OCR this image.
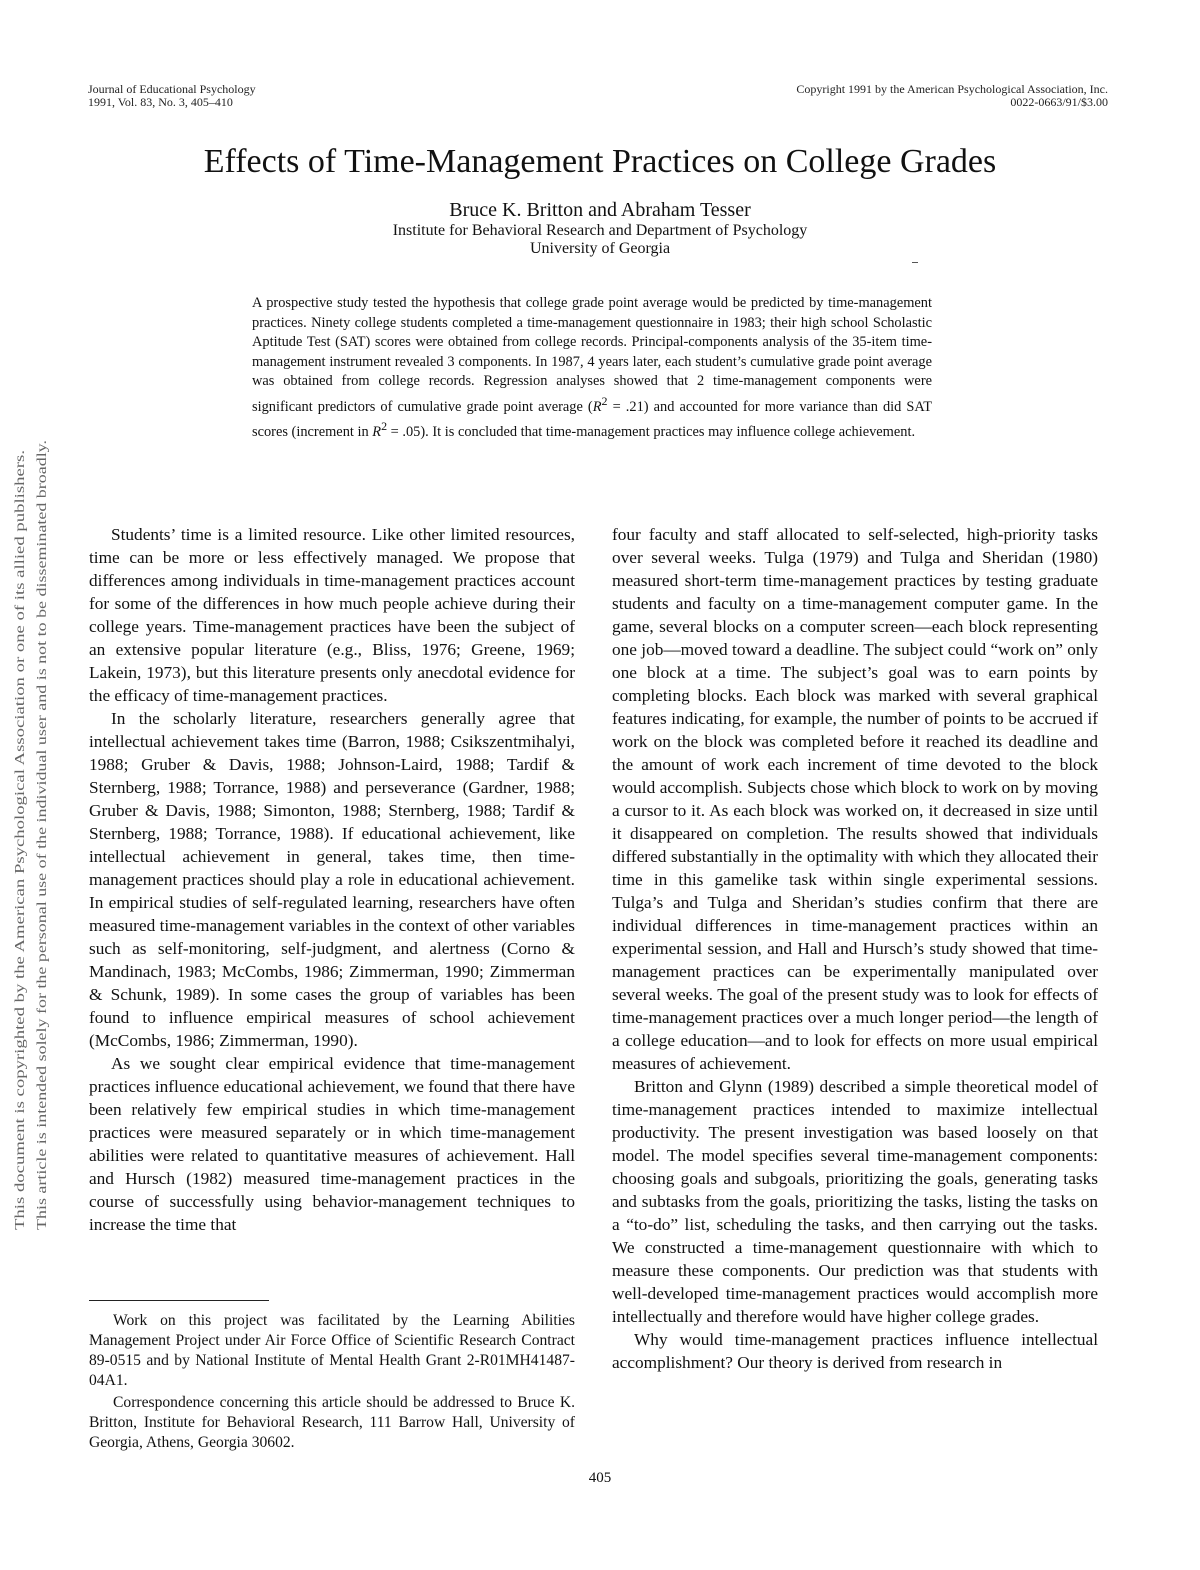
Journal of Educational Psychology
1991, Vol. 83, No. 3, 405–410
Copyright 1991 by the American Psychological Association, Inc.
0022-0663/91/$3.00
Effects of Time-Management Practices on College Grades
Bruce K. Britton and Abraham Tesser
Institute for Behavioral Research and Department of Psychology
University of Georgia

A prospective study tested the hypothesis that college grade point average would be predicted by time-management practices. Ninety college students completed a time-management questionnaire in 1983; their high school Scholastic Aptitude Test (SAT) scores were obtained from college records. Principal-components analysis of the 35-item time-management instrument revealed 3 components. In 1987, 4 years later, each student’s cumulative grade point average was obtained from college records. Regression analyses showed that 2 time-management components were significant predictors of cumulative grade point average $(R^2 = .21)$ and accounted for more variance than did SAT scores (increment in $R^2 = .05$). It is concluded that time-management practices may influence college achievement.

This document is copyrighted by the American Psychological Association or one of its allied publishers. This article is intended solely for the personal use of the individual user and is not to be disseminated broadly.

Students’ time is a limited resource. Like other limited resources, time can be more or less effectively managed. We propose that differences among individuals in time-management practices account for some of the differences in how much people achieve during their college years. Time-management practices have been the subject of an extensive popular literature (e.g., Bliss, 1976; Greene, 1969; Lakein, 1973), but this literature presents only anecdotal evidence for the efficacy of time-management practices.

In the scholarly literature, researchers generally agree that intellectual achievement takes time (Barron, 1988; Csikszentmihalyi, 1988; Gruber & Davis, 1988; Johnson-Laird, 1988; Tardif & Sternberg, 1988; Torrance, 1988) and perseverance (Gardner, 1988; Gruber & Davis, 1988; Simonton, 1988; Sternberg, 1988; Tardif & Sternberg, 1988; Torrance, 1988). If educational achievement, like intellectual achievement in general, takes time, then time-management practices should play a role in educational achievement. In empirical studies of self-regulated learning, researchers have often measured time-management variables in the context of other variables such as self-monitoring, self-judgment, and alertness (Corno & Mandinach, 1983; McCombs, 1986; Zimmerman, 1990; Zimmerman & Schunk, 1989). In some cases the group of variables has been found to influence empirical measures of school achievement (McCombs, 1986; Zimmerman, 1990).

As we sought clear empirical evidence that time-management practices influence educational achievement, we found that there have been relatively few empirical studies in which time-management practices were measured separately or in which time-management abilities were related to quantitative measures of achievement. Hall and Hursch (1982) measured time-management practices in the course of successfully using behavior-management techniques to increase the time that

Work on this project was facilitated by the Learning Abilities Management Project under Air Force Office of Scientific Research Contract 89-0515 and by National Institute of Mental Health Grant 2-R01MH41487-04A1.

Correspondence concerning this article should be addressed to Bruce K. Britton, Institute for Behavioral Research, 111 Barrow Hall, University of Georgia, Athens, Georgia 30602.

four faculty and staff allocated to self-selected, high-priority tasks over several weeks. Tulga (1979) and Tulga and Sheridan (1980) measured short-term time-management practices by testing graduate students and faculty on a time-management computer game. In the game, several blocks on a computer screen—each block representing one job—moved toward a deadline. The subject could “work on” only one block at a time. The subject’s goal was to earn points by completing blocks. Each block was marked with several graphical features indicating, for example, the number of points to be accrued if work on the block was completed before it reached its deadline and the amount of work each increment of time devoted to the block would accomplish. Subjects chose which block to work on by moving a cursor to it. As each block was worked on, it decreased in size until it disappeared on completion. The results showed that individuals differed substantially in the optimality with which they allocated their time in this gamelike task within single experimental sessions. Tulga’s and Tulga and Sheridan’s studies confirm that there are individual differences in time-management practices within an experimental session, and Hall and Hursch’s study showed that time-management practices can be experimentally manipulated over several weeks. The goal of the present study was to look for effects of time-management practices over a much longer period—the length of a college education—and to look for effects on more usual empirical measures of achievement.

Britton and Glynn (1989) described a simple theoretical model of time-management practices intended to maximize intellectual productivity. The present investigation was based loosely on that model. The model specifies several time-management components: choosing goals and subgoals, prioritizing the goals, generating tasks and subtasks from the goals, prioritizing the tasks, listing the tasks on a “to-do” list, scheduling the tasks, and then carrying out the tasks. We constructed a time-management questionnaire with which to measure these components. Our prediction was that students with well-developed time-management practices would accomplish more intellectually and therefore would have higher college grades.

Why would time-management practices influence intellectual accomplishment? Our theory is derived from research in

405
